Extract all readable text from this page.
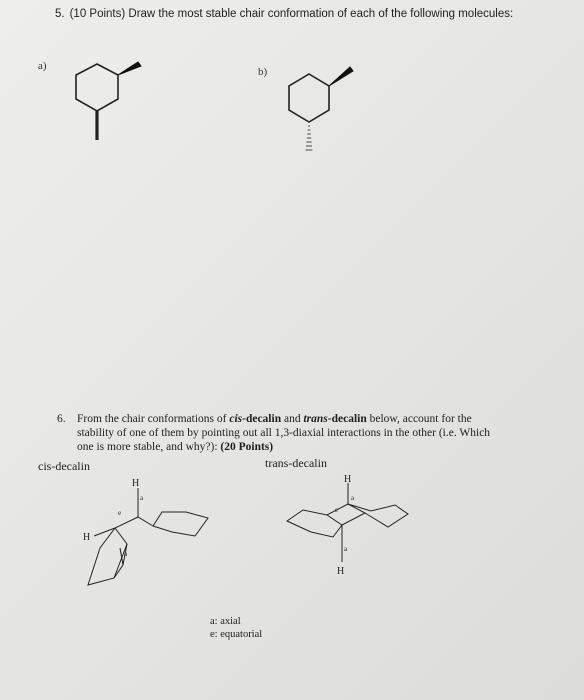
5. (10 Points) Draw the most stable chair conformation of each of the following molecules:
a)	b)
H
a
e
H
a
H
a
e
a
H
6. From the chair conformations of cis-decalin and trans-decalin below, account for the
stability of one of them by pointing out all 1,3-diaxial interactions in the other (i.e. Which
one is more stable, and why?): (20 Points)
cis-decalin	trans-decalin
a: axial
e: equatorial
